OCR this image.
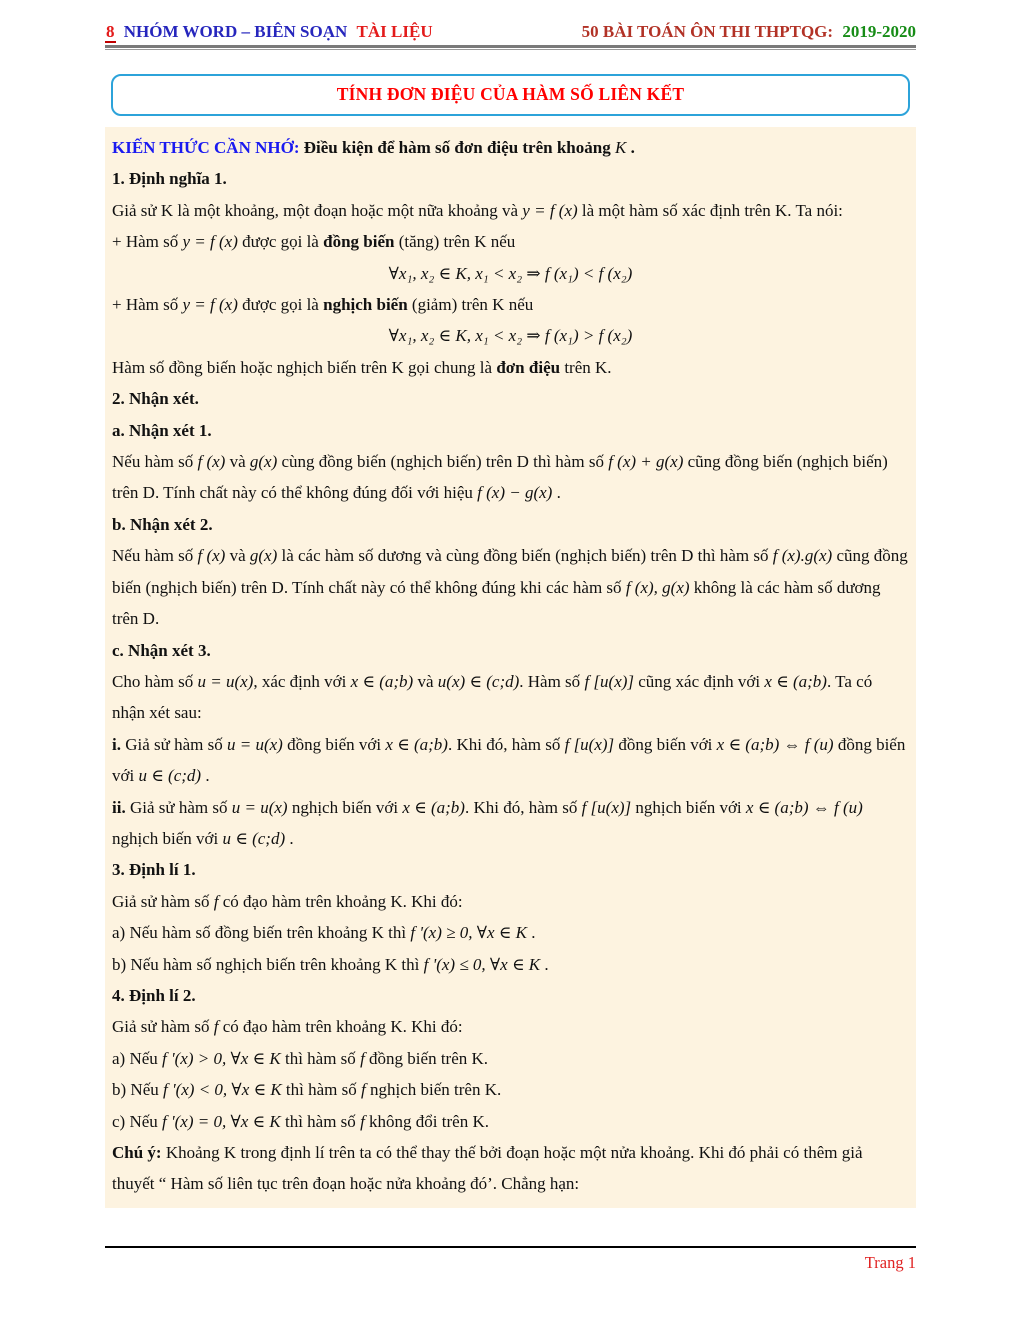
8 NHÓM WORD – BIÊN SOẠN TÀI LIỆU	50 BÀI TOÁN ÔN THI THPTQG: 2019-2020
TÍNH ĐƠN ĐIỆU CỦA HÀM SỐ LIÊN KẾT
KIẾN THỨC CẦN NHỚ: Điều kiện để hàm số đơn điệu trên khoảng K .
1. Định nghĩa 1.
Giả sử K là một khoảng, một đoạn hoặc một nữa khoảng và y = f (x) là một hàm số xác định trên K. Ta nói:
+ Hàm số y = f (x) được gọi là đồng biến (tăng) trên K nếu
∀x₁, x₂ ∈ K, x₁ < x₂ ⇒ f (x₁) < f (x₂)
+ Hàm số y = f (x) được gọi là nghịch biến (giảm) trên K nếu
∀x₁, x₂ ∈ K, x₁ < x₂ ⇒ f (x₁) > f (x₂)
Hàm số đồng biến hoặc nghịch biến trên K gọi chung là đơn điệu trên K.
2. Nhận xét.
a. Nhận xét 1.
Nếu hàm số f (x) và g(x) cùng đồng biến (nghịch biến) trên D thì hàm số f (x) + g(x) cũng đồng biến (nghịch biến) trên D. Tính chất này có thể không đúng đối với hiệu f (x) − g(x) .
b. Nhận xét 2.
Nếu hàm số f (x) và g(x) là các hàm số dương và cùng đồng biến (nghịch biến) trên D thì hàm số f (x).g(x) cũng đồng biến (nghịch biến) trên D. Tính chất này có thể không đúng khi các hàm số f (x), g(x) không là các hàm số dương trên D.
c. Nhận xét 3.
Cho hàm số u = u(x), xác định với x ∈ (a;b) và u(x) ∈ (c;d). Hàm số f [u(x)] cũng xác định với x ∈ (a;b). Ta có nhận xét sau:
i. Giả sử hàm số u = u(x) đồng biến với x ∈ (a;b). Khi đó, hàm số f [u(x)] đồng biến với x ∈ (a;b) ⇔ f (u) đồng biến với u ∈ (c;d) .
ii. Giả sử hàm số u = u(x) nghịch biến với x ∈ (a;b). Khi đó, hàm số f [u(x)] nghịch biến với x ∈ (a;b) ⇔ f (u) nghịch biến với u ∈ (c;d) .
3. Định lí 1.
Giả sử hàm số f có đạo hàm trên khoảng K. Khi đó:
a) Nếu hàm số đồng biến trên khoảng K thì f '(x) ≥ 0, ∀x ∈ K .
b) Nếu hàm số nghịch biến trên khoảng K thì f '(x) ≤ 0, ∀x ∈ K .
4. Định lí 2.
Giả sử hàm số f có đạo hàm trên khoảng K. Khi đó:
a) Nếu f '(x) > 0, ∀x ∈ K thì hàm số f đồng biến trên K.
b) Nếu f '(x) < 0, ∀x ∈ K thì hàm số f nghịch biến trên K.
c) Nếu f '(x) = 0, ∀x ∈ K thì hàm số f không đổi trên K.
Chú ý: Khoảng K trong định lí trên ta có thể thay thế bởi đoạn hoặc một nửa khoảng. Khi đó phải có thêm giả thuyết “ Hàm số liên tục trên đoạn hoặc nửa khoảng đó’. Chẳng hạn:
Trang 1
